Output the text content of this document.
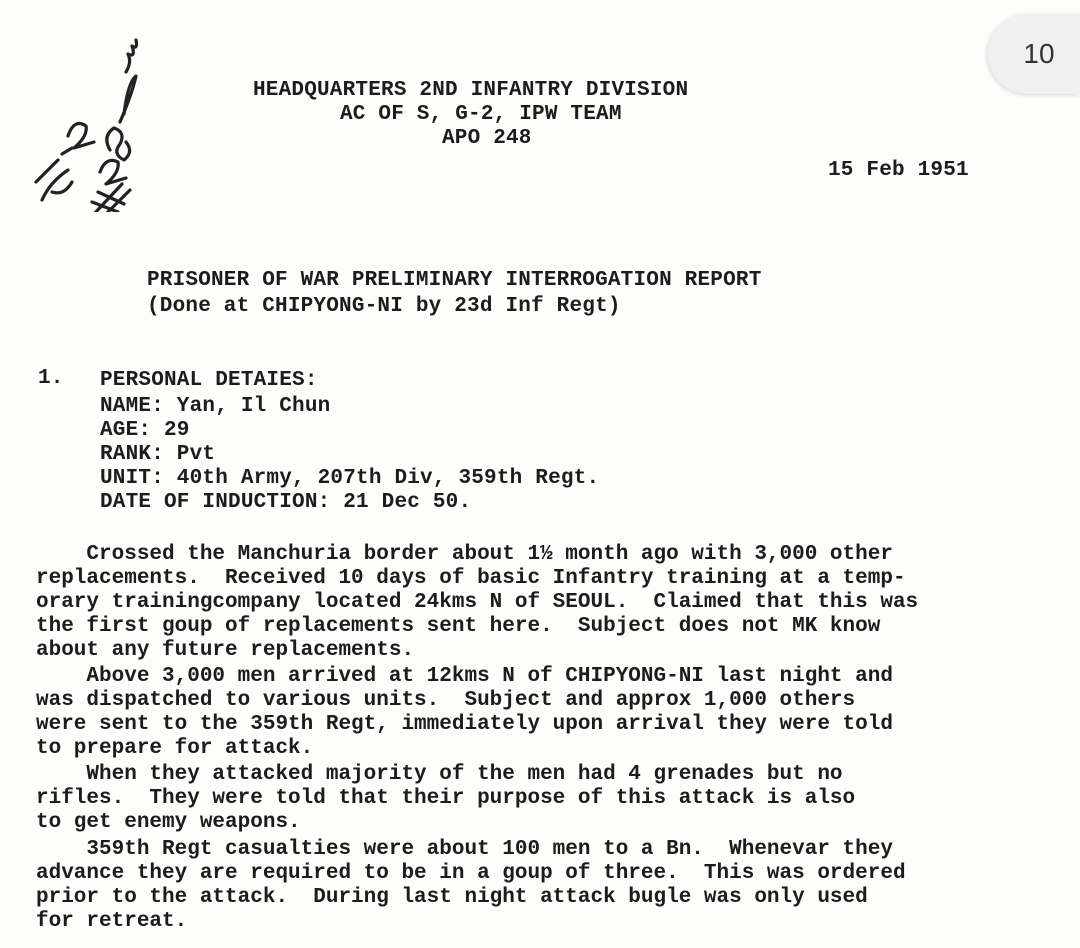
10
HEADQUARTERS 2ND INFANTRY DIVISION
AC OF S, G-2, IPW TEAM
APO 248
15 Feb 1951
PRISONER OF WAR PRELIMINARY INTERROGATION REPORT
(Done at CHIPYONG-NI by 23d Inf Regt)
1. PERSONAL DETAIES:
NAME: Yan, Il Chun
AGE: 29
RANK: Pvt
UNIT: 40th Army, 207th Div, 359th Regt.
DATE OF INDUCTION: 21 Dec 50.
Crossed the Manchuria border about 1½ month ago with 3,000 other
replacements.  Received 10 days of basic Infantry training at a temp-
orary trainingcompany located 24kms N of SEOUL.  Claimed that this was
the first goup of replacements sent here.  Subject does not MK know
about any future replacements.
Above 3,000 men arrived at 12kms N of CHIPYONG-NI last night and
was dispatched to various units.  Subject and approx 1,000 others
were sent to the 359th Regt, immediately upon arrival they were told
to prepare for attack.
When they attacked majority of the men had 4 grenades but no
rifles.  They were told that their purpose of this attack is also
to get enemy weapons.
359th Regt casualties were about 100 men to a Bn.  Whenevar they
advance they are required to be in a goup of three.  This was ordered
prior to the attack.  During last night attack bugle was only used
for retreat.
